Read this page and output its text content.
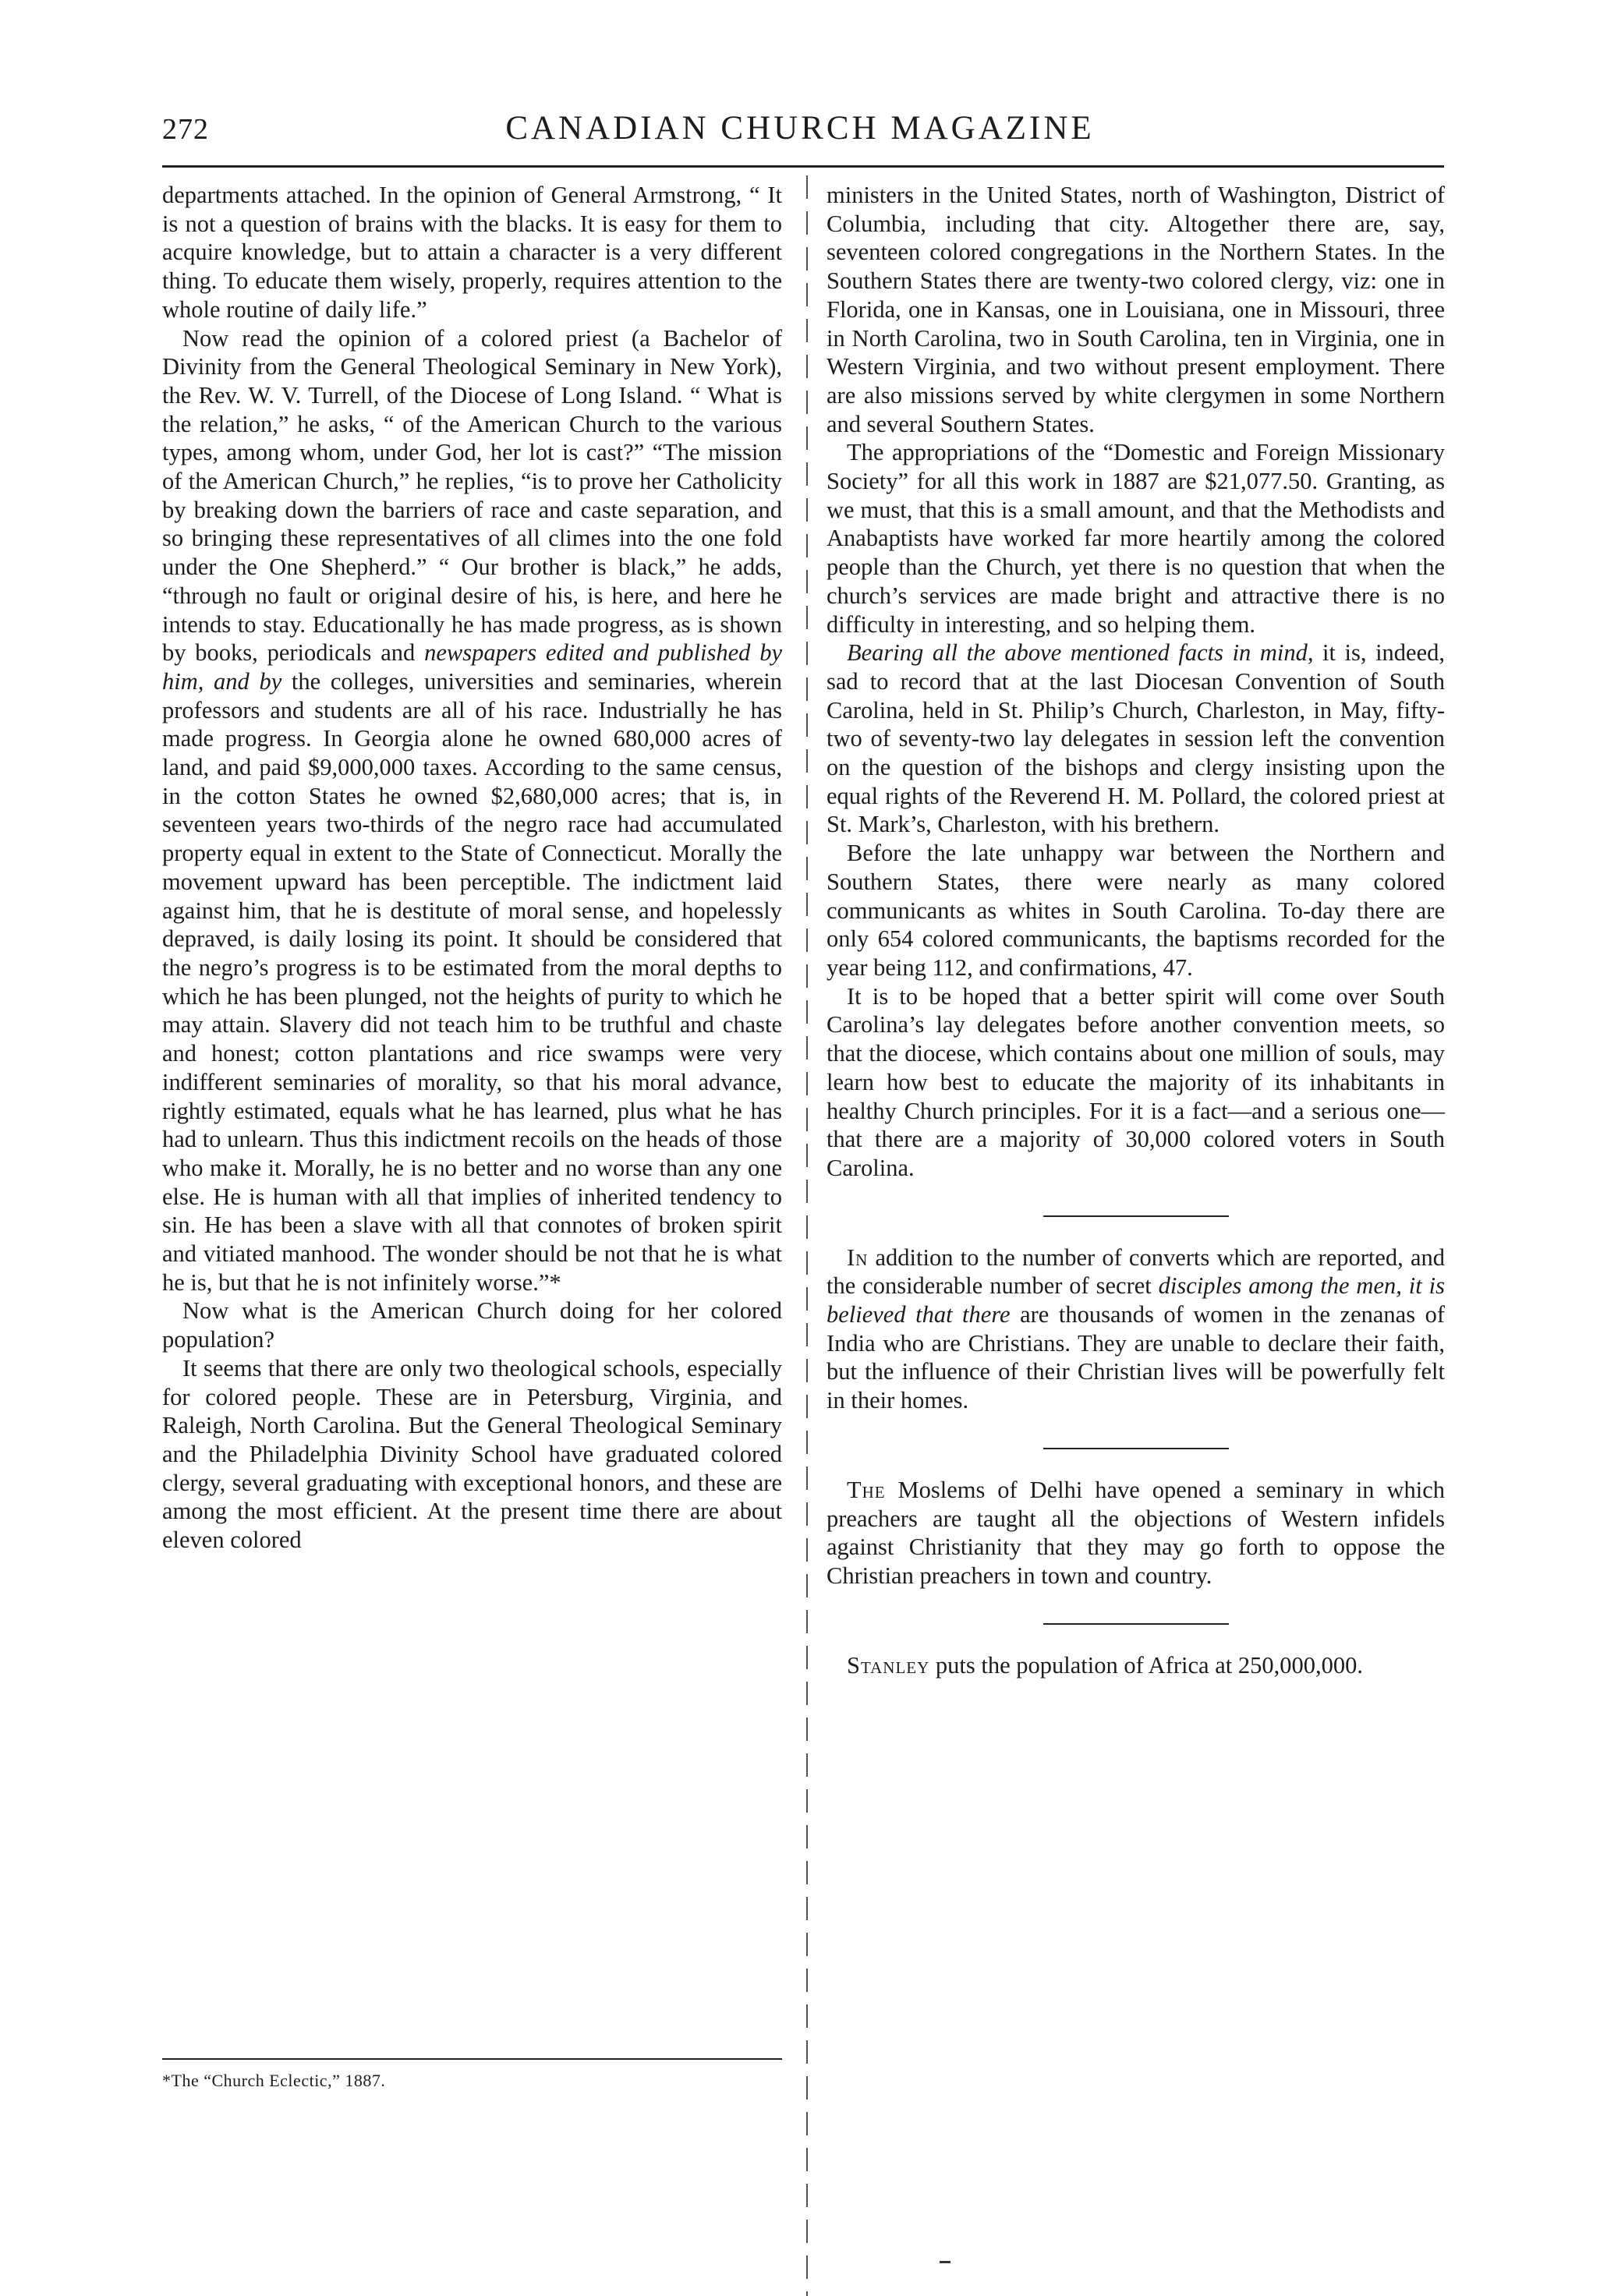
272	CANADIAN CHURCH MAGAZINE

departments attached. In the opinion of General Armstrong, “ It is not a question of brains with the blacks. It is easy for them to acquire knowledge, but to attain a character is a very different thing. To educate them wisely, properly, requires attention to the whole routine of daily life.”

Now read the opinion of a colored priest (a Bachelor of Divinity from the General Theological Seminary in New York), the Rev. W. V. Turrell, of the Diocese of Long Island. “ What is the relation,” he asks, “ of the American Church to the various types, among whom, under God, her lot is cast?” “The mission of the American Church,” he replies, “is to prove her Catholicity by breaking down the barriers of race and caste separation, and so bringing these representatives of all climes into the one fold under the One Shepherd.” “ Our brother is black,” he adds, “through no fault or original desire of his, is here, and here he intends to stay. Educationally he has made progress, as is shown by books, periodicals and newspapers edited and published by him, and by the colleges, universities and seminaries, wherein professors and students are all of his race. Industrially he has made progress. In Georgia alone he owned 680,000 acres of land, and paid $9,000,000 taxes. According to the same census, in the cotton States he owned $2,680,000 acres; that is, in seventeen years two-thirds of the negro race had accumulated property equal in extent to the State of Connecticut. Morally the movement upward has been perceptible. The indictment laid against him, that he is destitute of moral sense, and hopelessly depraved, is daily losing its point. It should be considered that the negro’s progress is to be estimated from the moral depths to which he has been plunged, not the heights of purity to which he may attain. Slavery did not teach him to be truthful and chaste and honest; cotton plantations and rice swamps were very indifferent seminaries of morality, so that his moral advance, rightly estimated, equals what he has learned, plus what he has had to unlearn. Thus this indictment recoils on the heads of those who make it. Morally, he is no better and no worse than any one else. He is human with all that implies of inherited tendency to sin. He has been a slave with all that connotes of broken spirit and vitiated manhood. The wonder should be not that he is what he is, but that he is not infinitely worse.”*

Now what is the American Church doing for her colored population?

It seems that there are only two theological schools, especially for colored people. These are in Petersburg, Virginia, and Raleigh, North Carolina. But the General Theological Seminary and the Philadelphia Divinity School have graduated colored clergy, several graduating with exceptional honors, and these are among the most efficient. At the present time there are about eleven colored

ministers in the United States, north of Washington, District of Columbia, including that city. Altogether there are, say, seventeen colored congregations in the Northern States. In the Southern States there are twenty-two colored clergy, viz: one in Florida, one in Kansas, one in Louisiana, one in Missouri, three in North Carolina, two in South Carolina, ten in Virginia, one in Western Virginia, and two without present employment. There are also missions served by white clergymen in some Northern and several Southern States.

The appropriations of the “Domestic and Foreign Missionary Society” for all this work in 1887 are $21,077.50. Granting, as we must, that this is a small amount, and that the Methodists and Anabaptists have worked far more heartily among the colored people than the Church, yet there is no question that when the church’s services are made bright and attractive there is no difficulty in interesting, and so helping them.

Bearing all the above mentioned facts in mind, it is, indeed, sad to record that at the last Diocesan Convention of South Carolina, held in St. Philip’s Church, Charleston, in May, fifty-two of seventy-two lay delegates in session left the convention on the question of the bishops and clergy insisting upon the equal rights of the Reverend H. M. Pollard, the colored priest at St. Mark’s, Charleston, with his brethern.

Before the late unhappy war between the Northern and Southern States, there were nearly as many colored communicants as whites in South Carolina. To-day there are only 654 colored communicants, the baptisms recorded for the year being 112, and confirmations, 47.

It is to be hoped that a better spirit will come over South Carolina’s lay delegates before another convention meets, so that the diocese, which contains about one million of souls, may learn how best to educate the majority of its inhabitants in healthy Church principles. For it is a fact—and a serious one—that there are a majority of 30,000 colored voters in South Carolina.

In addition to the number of converts which are reported, and the considerable number of secret disciples among the men, it is believed that there are thousands of women in the zenanas of India who are Christians. They are unable to declare their faith, but the influence of their Christian lives will be powerfully felt in their homes.

The Moslems of Delhi have opened a seminary in which preachers are taught all the objections of Western infidels against Christianity that they may go forth to oppose the Christian preachers in town and country.

Stanley puts the population of Africa at 250,000,000.

*The “Church Eclectic,” 1887.
